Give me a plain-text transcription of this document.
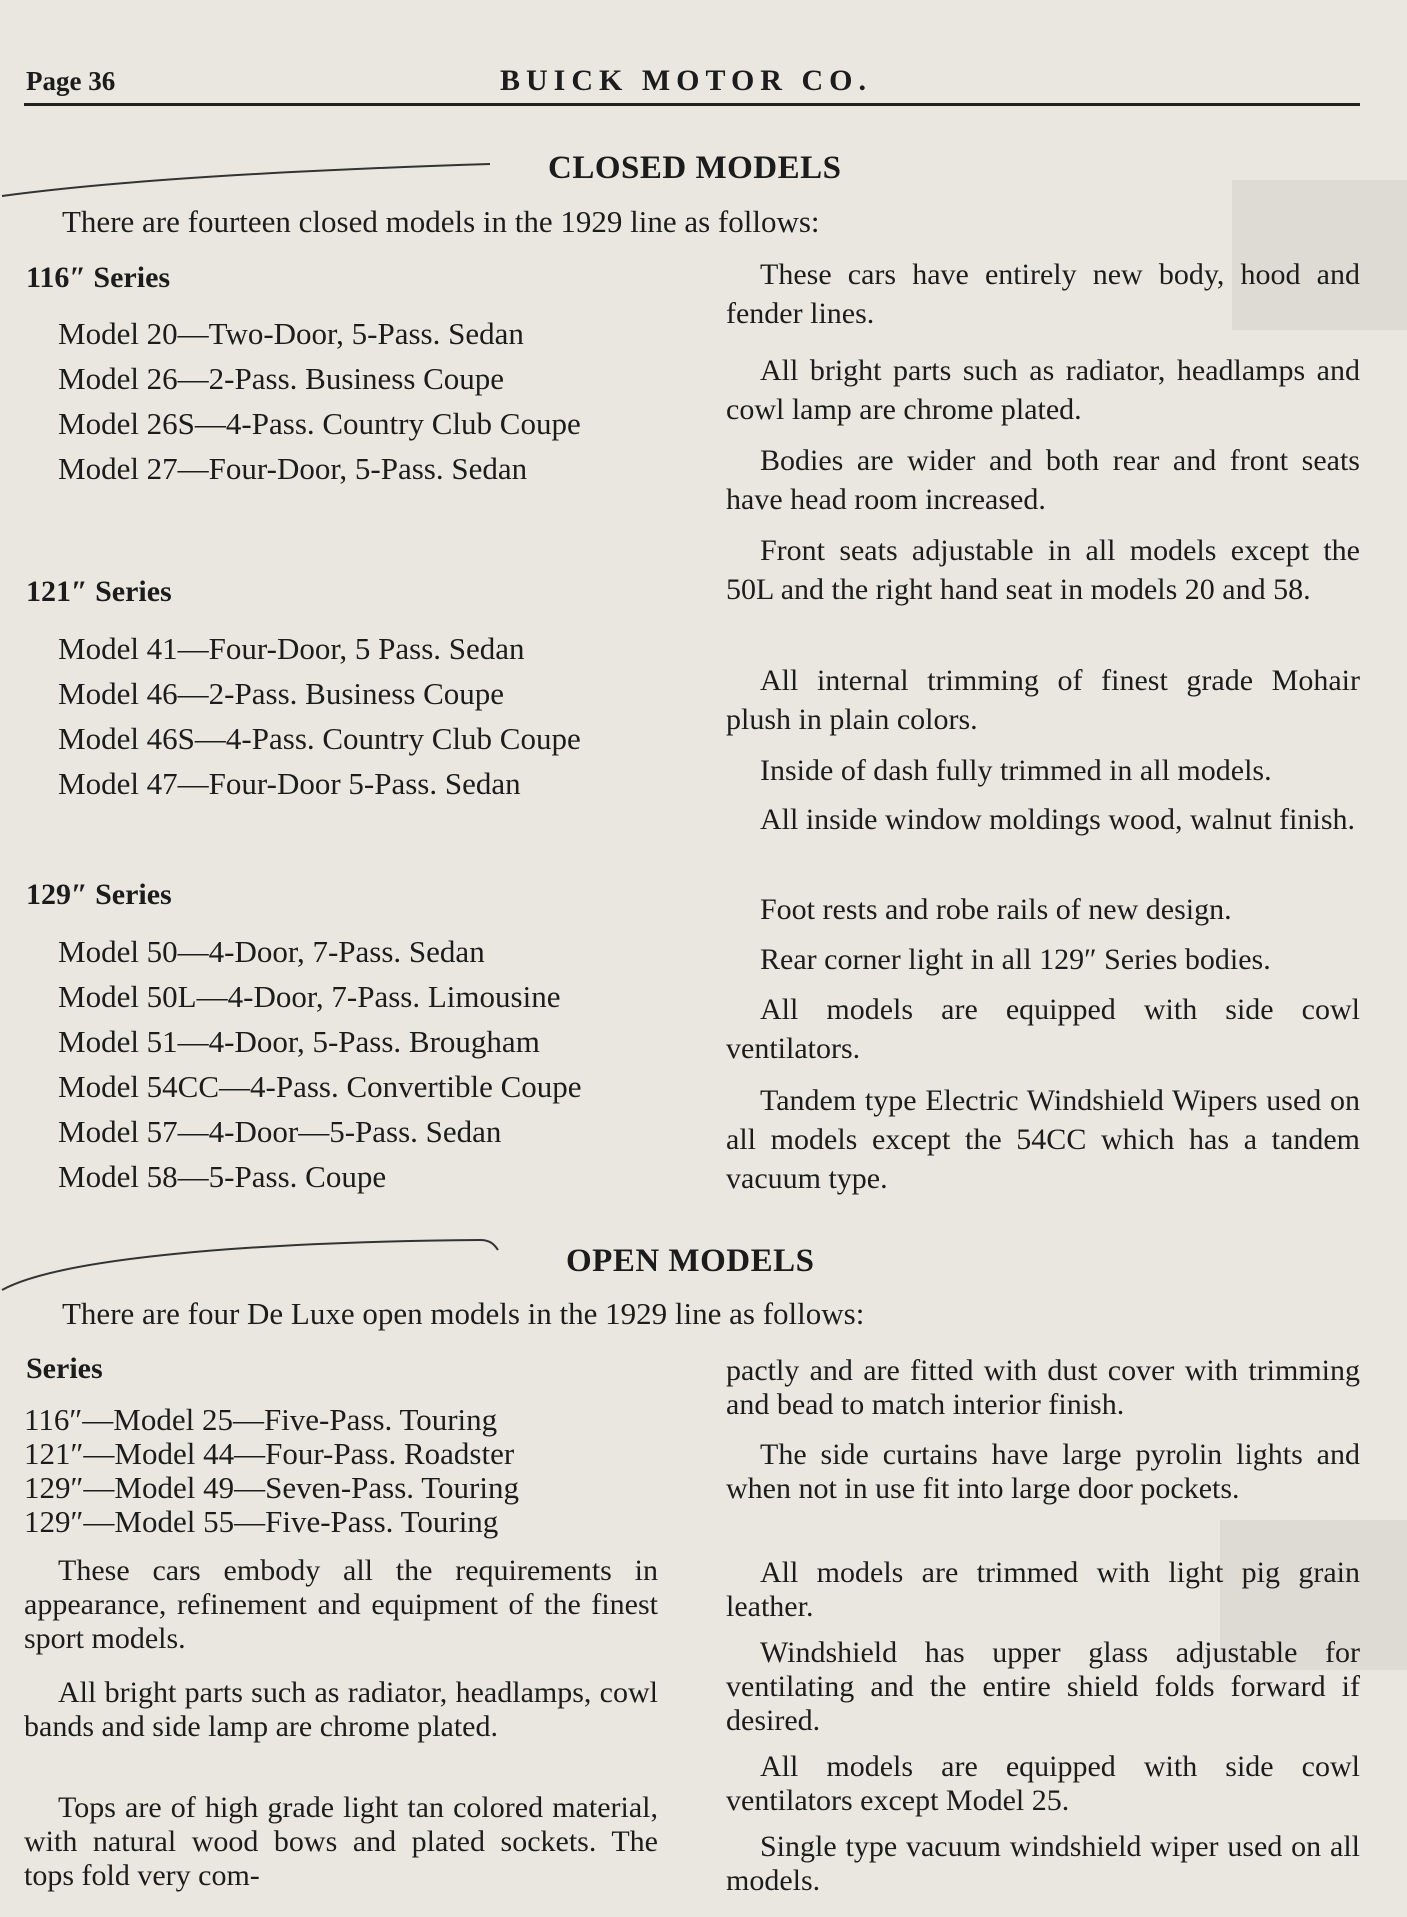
Page 36	BUICK MOTOR CO.
CLOSED MODELS
There are fourteen closed models in the 1929 line as follows:
116″ Series
Model 20—Two-Door, 5-Pass. Sedan
Model 26—2-Pass. Business Coupe
Model 26S—4-Pass. Country Club Coupe
Model 27—Four-Door, 5-Pass. Sedan
121″ Series
Model 41—Four-Door, 5 Pass. Sedan
Model 46—2-Pass. Business Coupe
Model 46S—4-Pass. Country Club Coupe
Model 47—Four-Door 5-Pass. Sedan
129″ Series
Model 50—4-Door, 7-Pass. Sedan
Model 50L—4-Door, 7-Pass. Limousine
Model 51—4-Door, 5-Pass. Brougham
Model 54CC—4-Pass. Convertible Coupe
Model 57—4-Door—5-Pass. Sedan
Model 58—5-Pass. Coupe

These cars have entirely new body, hood and fender lines.

All bright parts such as radiator, headlamps and cowl lamp are chrome plated.

Bodies are wider and both rear and front seats have head room increased.

Front seats adjustable in all models except the 50L and the right hand seat in models 20 and 58.

All internal trimming of finest grade Mohair plush in plain colors.

Inside of dash fully trimmed in all models.

All inside window moldings wood, walnut finish.

Foot rests and robe rails of new design.

Rear corner light in all 129″ Series bodies.

All models are equipped with side cowl ventilators.

Tandem type Electric Windshield Wipers used on all models except the 54CC which has a tandem vacuum type.

OPEN MODELS
There are four De Luxe open models in the 1929 line as follows:
Series
116″—Model 25—Five-Pass. Touring
121″—Model 44—Four-Pass. Roadster
129″—Model 49—Seven-Pass. Touring
129″—Model 55—Five-Pass. Touring

These cars embody all the requirements in appearance, refinement and equipment of the finest sport models.

All bright parts such as radiator, headlamps, cowl bands and side lamp are chrome plated.

Tops are of high grade light tan colored material, with natural wood bows and plated sockets. The tops fold very com-

pactly and are fitted with dust cover with trimming and bead to match interior finish.

The side curtains have large pyrolin lights and when not in use fit into large door pockets.

All models are trimmed with light pig grain leather.

Windshield has upper glass adjustable for ventilating and the entire shield folds forward if desired.

All models are equipped with side cowl ventilators except Model 25.

Single type vacuum windshield wiper used on all models.
